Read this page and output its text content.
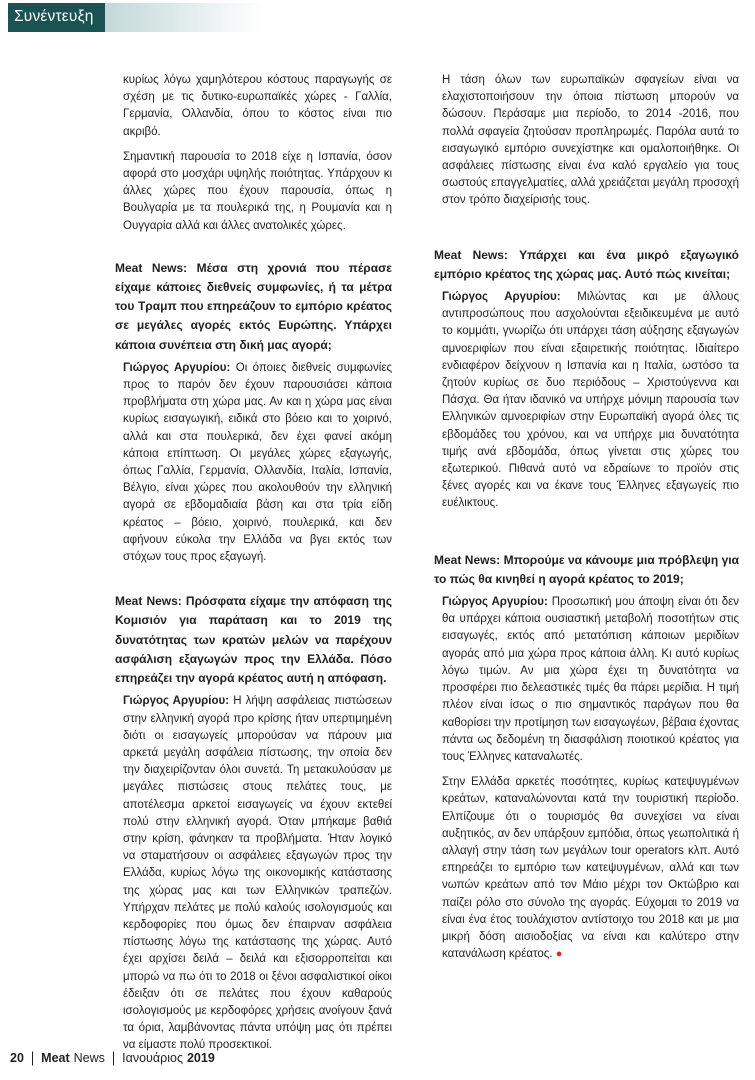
Συνέντευξη

κυρίως λόγω χαμηλότερου κόστους παραγωγής σε σχέση με τις δυτικο-ευρωπαϊκές χώρες - Γαλλία, Γερμανία, Ολλανδία, όπου το κόστος είναι πιο ακριβό.

Σημαντική παρουσία το 2018 είχε η Ισπανία, όσον αφορά στο μοσχάρι υψηλής ποιότητας. Υπάρχουν κι άλλες χώρες που έχουν παρουσία, όπως η Βουλγαρία με τα πουλερικά της, η Ρουμανία και η Ουγγαρία αλλά και άλλες ανατολικές χώρες.

Meat News: Μέσα στη χρονιά που πέρασε είχαμε κάποιες διεθνείς συμφωνίες, ή τα μέτρα του Τραμπ που επηρεάζουν το εμπόριο κρέατος σε μεγάλες αγορές εκτός Ευρώπης. Υπάρχει κάποια συνέπεια στη δική μας αγορά;

Γιώργος Αργυρίου: Οι όποιες διεθνείς συμφωνίες προς το παρόν δεν έχουν παρουσιάσει κάποια προβλήματα στη χώρα μας. Αν και η χώρα μας είναι κυρίως εισαγωγική, ειδικά στο βόειο και το χοιρινό, αλλά και στα πουλερικά, δεν έχει φανεί ακόμη κάποια επίπτωση. Οι μεγάλες χώρες εξαγωγής, όπως Γαλλία, Γερμανία, Ολλανδία, Ιταλία, Ισπανία, Βέλγιο, είναι χώρες που ακολουθούν την ελληνική αγορά σε εβδομαδιαία βάση και στα τρία είδη κρέατος – βόειο, χοιρινό, πουλερικά, και δεν αφήνουν εύκολα την Ελλάδα να βγει εκτός των στόχων τους προς εξαγωγή.

Meat News: Πρόσφατα είχαμε την απόφαση της Κομισιόν για παράταση και το 2019 της δυνατότητας των κρατών μελών να παρέχουν ασφάλιση εξαγωγών προς την Ελλάδα. Πόσο επηρεάζει την αγορά κρέατος αυτή η απόφαση.

Γιώργος Αργυρίου: Η λήψη ασφάλειας πιστώσεων στην ελληνική αγορά προ κρίσης ήταν υπερτιμημένη διότι οι εισαγωγείς μπορούσαν να πάρουν μια αρκετά μεγάλη ασφάλεια πίστωσης, την οποία δεν την διαχειρίζονταν όλοι συνετά. Τη μετακυλούσαν με μεγάλες πιστώσεις στους πελάτες τους, με αποτέλεσμα αρκετοί εισαγωγείς να έχουν εκτεθεί πολύ στην ελληνική αγορά. Όταν μπήκαμε βαθιά στην κρίση, φάνηκαν τα προβλήματα. Ήταν λογικό να σταματήσουν οι ασφάλειες εξαγωγών προς την Ελλάδα, κυρίως λόγω της οικονομικής κατάστασης της χώρας μας και των Ελληνικών τραπεζών. Υπήρχαν πελάτες με πολύ καλούς ισολογισμούς και κερδοφορίες που όμως δεν έπαιρναν ασφάλεια πίστωσης λόγω της κατάστασης της χώρας. Αυτό έχει αρχίσει δειλά – δειλά και εξισορροπείται και μπορώ να πω ότι το 2018 οι ξένοι ασφαλιστικοί οίκοι έδειξαν ότι σε πελάτες που έχουν καθαρούς ισολογισμούς με κερδοφόρες χρήσεις ανοίγουν ξανά τα όρια, λαμβάνοντας πάντα υπόψη μας ότι πρέπει να είμαστε πολύ προσεκτικοί.

Η τάση όλων των ευρωπαϊκών σφαγείων είναι να ελαχιστοποιήσουν την όποια πίστωση μπορούν να δώσουν. Περάσαμε μια περίοδο, το 2014 -2016, που πολλά σφαγεία ζητούσαν προπληρωμές. Παρόλα αυτά το εισαγωγικό εμπόριο συνεχίστηκε και ομαλοποιήθηκε. Οι ασφάλειες πίστωσης είναι ένα καλό εργαλείο για τους σωστούς επαγγελματίες, αλλά χρειάζεται μεγάλη προσοχή στον τρόπο διαχείρισής τους.

Meat News: Υπάρχει και ένα μικρό εξαγωγικό εμπόριο κρέατος της χώρας μας. Αυτό πώς κινείται;

Γιώργος Αργυρίου: Μιλώντας και με άλλους αντιπροσώπους που ασχολούνται εξειδικευμένα με αυτό το κομμάτι, γνωρίζω ότι υπάρχει τάση αύξησης εξαγωγών αμνοεριφίων που είναι εξαιρετικής ποιότητας. Ιδιαίτερο ενδιαφέρον δείχνουν η Ισπανία και η Ιταλία, ωστόσο τα ζητούν κυρίως σε δυο περιόδους – Χριστούγεννα και Πάσχα. Θα ήταν ιδανικό να υπήρχε μόνιμη παρουσία των Ελληνικών αμνοεριφίων στην Ευρωπαϊκή αγορά όλες τις εβδομάδες του χρόνου, και να υπήρχε μια δυνατότητα τιμής ανά εβδομάδα, όπως γίνεται στις χώρες του εξωτερικού. Πιθανά αυτό να εδραίωνε το προϊόν στις ξένες αγορές και να έκανε τους Έλληνες εξαγωγείς πιο ευέλικτους.

Meat News: Μπορούμε να κάνουμε μια πρόβλεψη για το πώς θα κινηθεί η αγορά κρέατος το 2019;

Γιώργος Αργυρίου: Προσωπική μου άποψη είναι ότι δεν θα υπάρχει κάποια ουσιαστική μεταβολή ποσοτήτων στις εισαγωγές, εκτός από μετατόπιση κάποιων μεριδίων αγοράς από μια χώρα προς κάποια άλλη. Κι αυτό κυρίως λόγω τιμών. Αν μια χώρα έχει τη δυνατότητα να προσφέρει πιο δελεαστικές τιμές θα πάρει μερίδια. Η τιμή πλέον είναι ίσως ο πιο σημαντικός παράγων που θα καθορίσει την προτίμηση των εισαγωγέων, βέβαια έχοντας πάντα ως δεδομένη τη διασφάλιση ποιοτικού κρέατος για τους Έλληνες καταναλωτές.

Στην Ελλάδα αρκετές ποσότητες, κυρίως κατεψυγμένων κρεάτων, καταναλώνονται κατά την τουριστική περίοδο. Ελπίζουμε ότι ο τουρισμός θα συνεχίσει να είναι αυξητικός, αν δεν υπάρξουν εμπόδια, όπως γεωπολιτικά ή αλλαγή στην τάση των μεγάλων tour operators κλπ. Αυτό επηρεάζει το εμπόριο των κατεψυγμένων, αλλά και των νωπών κρεάτων από τον Μάιο μέχρι τον Οκτώβριο και παίζει ρόλο στο σύνολο της αγοράς. Εύχομαι το 2019 να είναι ένα έτος τουλάχιστον αντίστοιχο του 2018 και με μια μικρή δόση αισιοδοξίας να είναι και καλύτερο στην κατανάλωση κρέατος. ●

20 | Meat News | Ιανουάριος 2019
